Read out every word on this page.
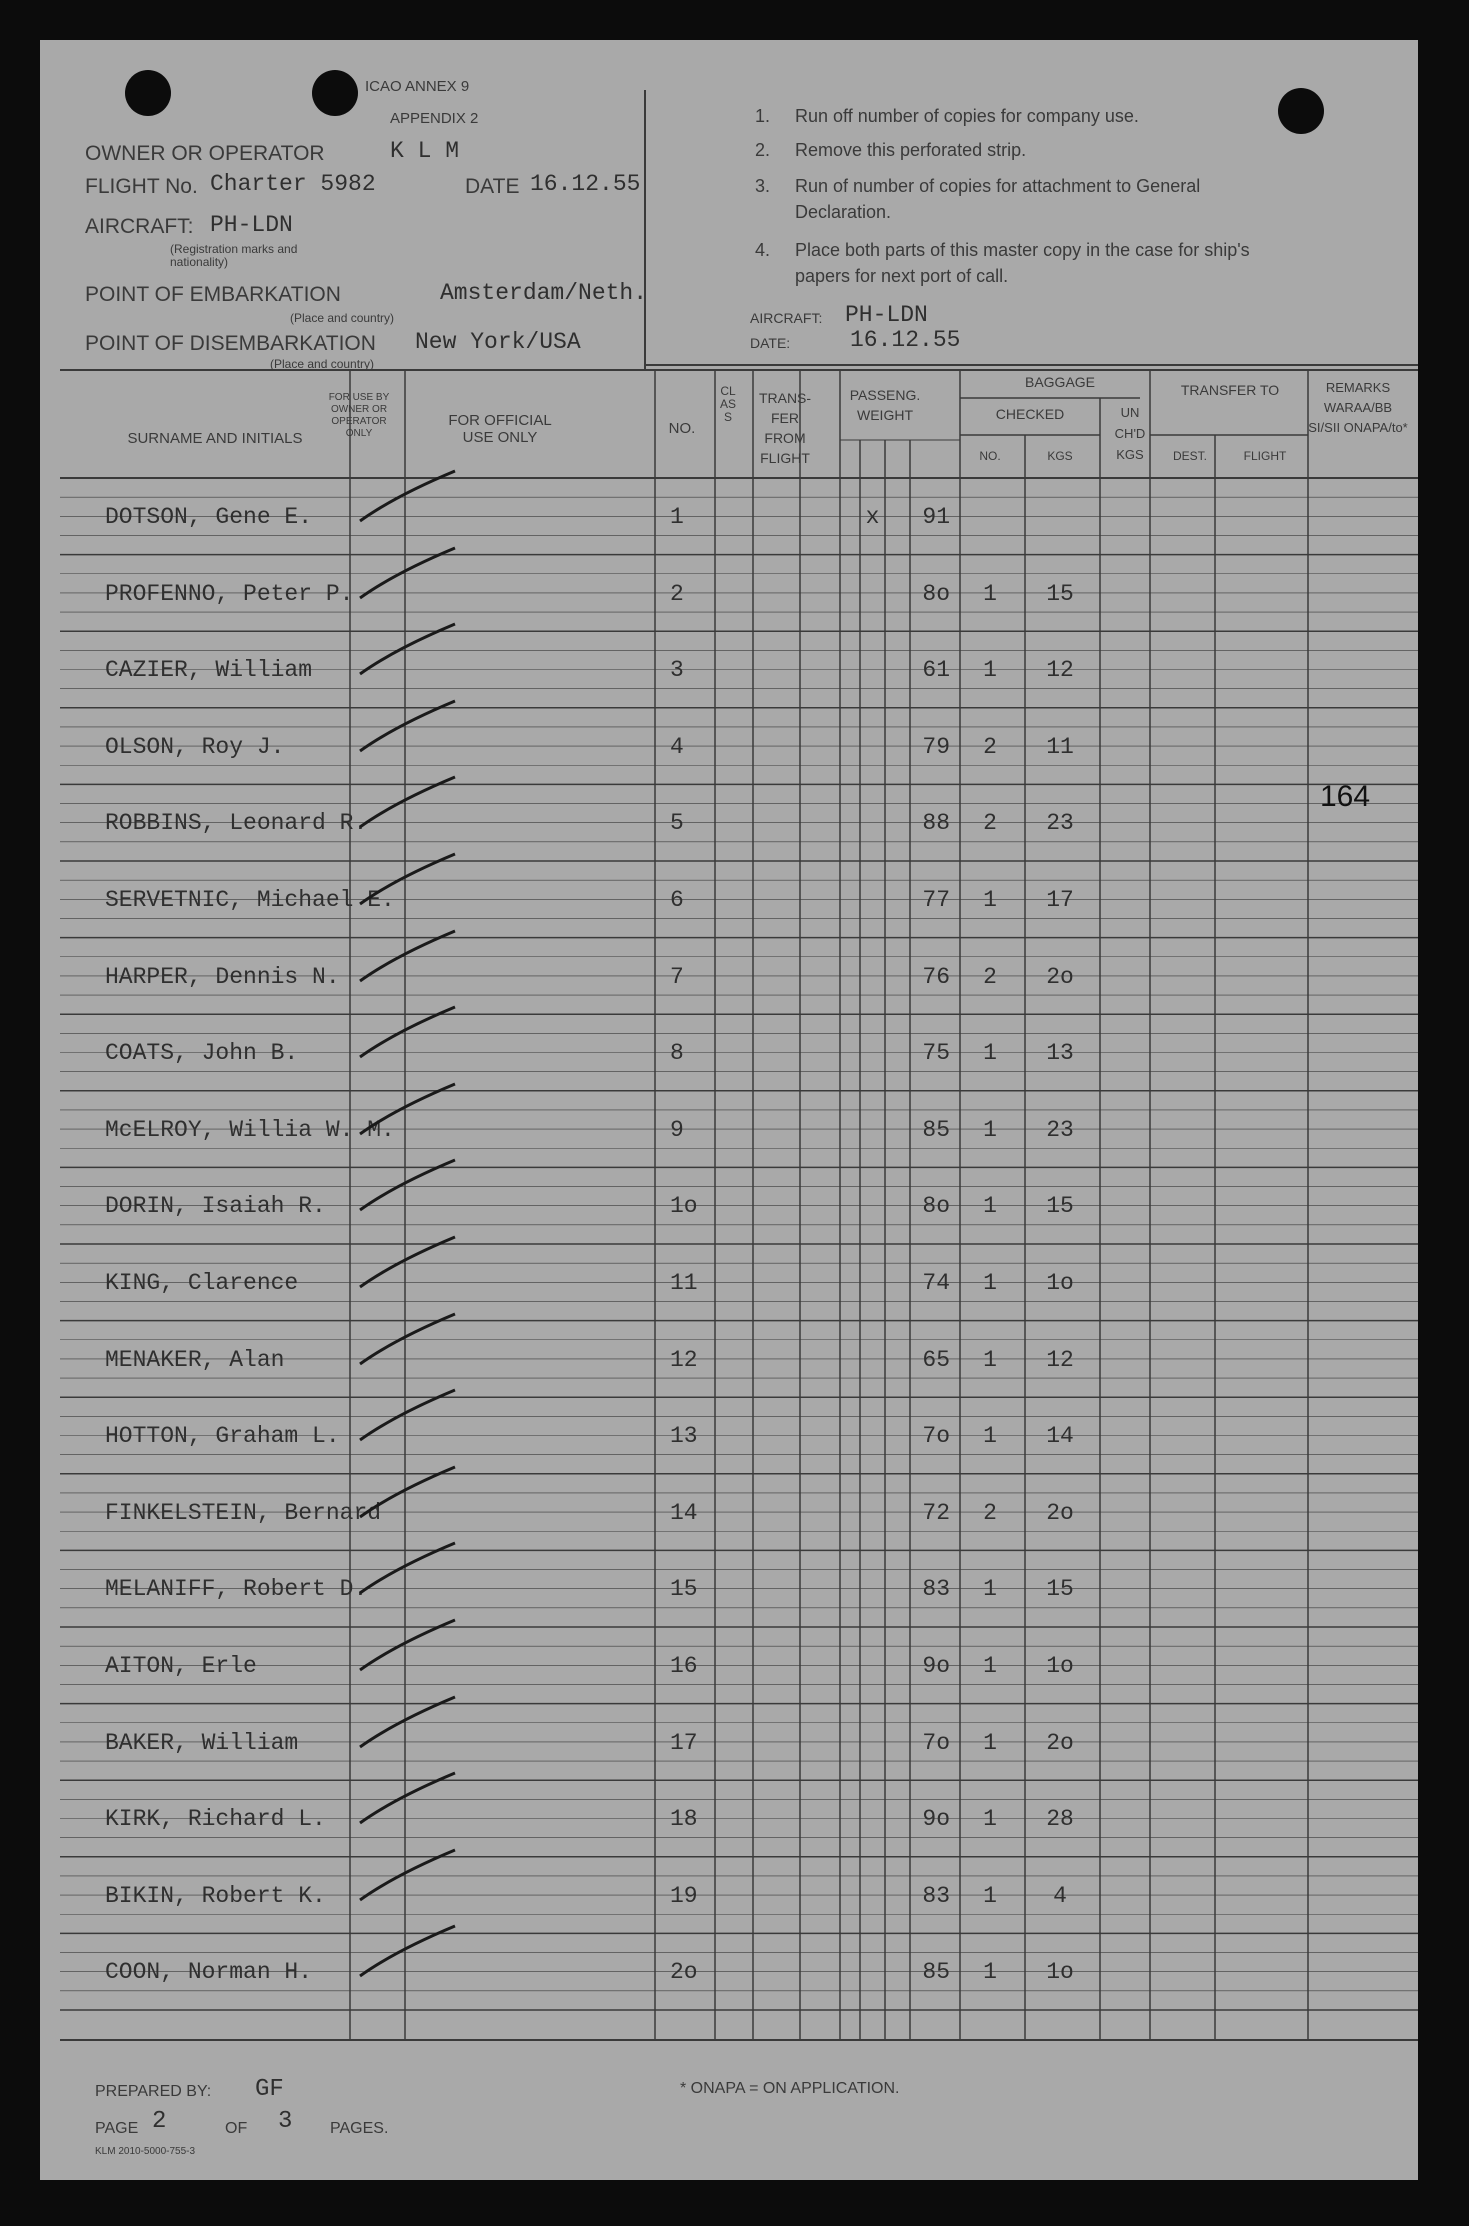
ICAO ANNEX 9
APPENDIX 2
OWNER OR OPERATOR	K L M
FLIGHT No. Charter 5982	DATE 16.12.55
AIRCRAFT: PH-LDN
(Registration marks and nationality)
POINT OF EMBARKATION	Amsterdam/Neth.
(Place and country)
POINT OF DISEMBARKATION New York/USA
(Place and country)
1. Run off number of copies for company use.
2. Remove this perforated strip.
3. Run of number of copies for attachment to General
Declaration.
4. Place both parts of this master copy in the case for ship's
papers for next port of call.
AIRCRAFT: PH-LDN
DATE:	16.12.55
SURNAME AND INITIALS
FOR USE BY OWNER OR OPERATOR ONLY
FOR OFFICIAL USE ONLY
NO.
CLASS
TRANS- FER FROM FLIGHT
PASSENG. WEIGHT
BAGGAGE
CHECKED
NO.	KGS
UN CH'D KGS
TRANSFER TO
DEST.	FLIGHT
REMARKS WARAA/BB SI/SII ONAPA/to*
DOTSON, Gene E.	1	x	91
PROFENNO, Peter P.	2	8o	1	15
CAZIER, William	3	61	1	12
OLSON, Roy J.	4	79	2	11
ROBBINS, Leonard R.	5	88	2	23
SERVETNIC, Michael E.	6	77	1	17
HARPER, Dennis N.	7	76	2	2o
COATS, John B.	8	75	1	13
McELROY, Willia W. M.	9	85	1	23
DORIN, Isaiah R.	1o	8o	1	15
KING, Clarence	11	74	1	1o
MENAKER, Alan	12	65	1	12
HOTTON, Graham L.	13	7o	1	14
FINKELSTEIN, Bernard	14	72	2	2o
MELANIFF, Robert D.	15	83	1	15
AITON, Erle	16	9o	1	1o
BAKER, William	17	7o	1	2o
KIRK, Richard L.	18	9o	1	28
BIKIN, Robert K.	19	83	1	4
COON, Norman H.	2o	85	1	1o
164
PREPARED BY: GF
PAGE 2	OF 3 PAGES.
* ONAPA = ON APPLICATION.
KLM 2010-5000-755-3
